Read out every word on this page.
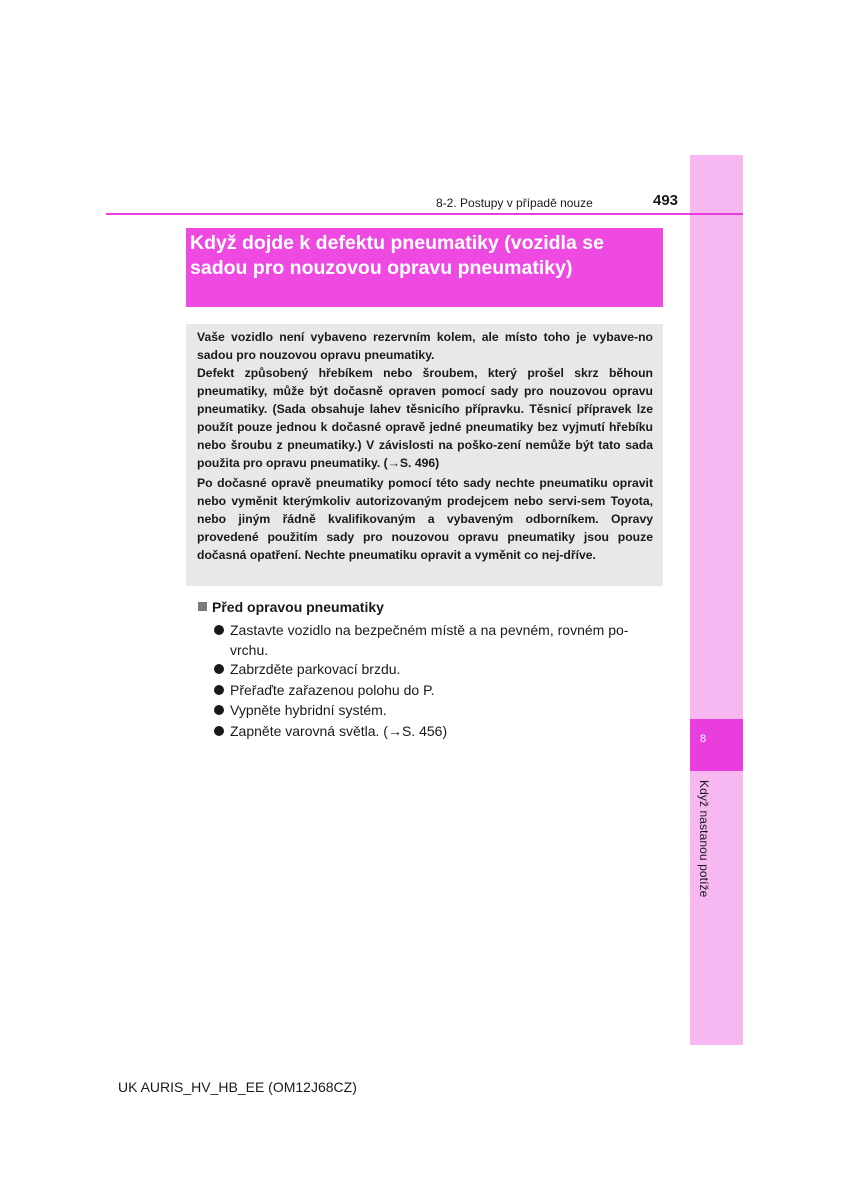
8
Když nastanou potíže
8-2. Postupy v případě nouze	493
Když dojde k defektu pneumatiky (vozidla se sadou pro nouzovou opravu pneumatiky)

Vaše vozidlo není vybaveno rezervním kolem, ale místo toho je vybave-no sadou pro nouzovou opravu pneumatiky.

Defekt způsobený hřebíkem nebo šroubem, který prošel skrz běhoun pneumatiky, může být dočasně opraven pomocí sady pro nouzovou opravu pneumatiky. (Sada obsahuje lahev těsnicího přípravku. Těsnicí přípravek lze použít pouze jednou k dočasné opravě jedné pneumatiky bez vyjmutí hřebíku nebo šroubu z pneumatiky.) V závislosti na poško-zení nemůže být tato sada použita pro opravu pneumatiky. (→S. 496)

Po dočasné opravě pneumatiky pomocí této sady nechte pneumatiku opravit nebo vyměnit kterýmkoliv autorizovaným prodejcem nebo servi-sem Toyota, nebo jiným řádně kvalifikovaným a vybaveným odborníkem. Opravy provedené použitím sady pro nouzovou opravu pneumatiky jsou pouze dočasná opatření. Nechte pneumatiku opravit a vyměnit co nej-dříve.

Před opravou pneumatiky
Zastavte vozidlo na bezpečném místě a na pevném, rovném po-vrchu.
Zabrzděte parkovací brzdu.
Přeřaďte zařazenou polohu do P.
Vypněte hybridní systém.
Zapněte varovná světla. (→S. 456)
UK AURIS_HV_HB_EE (OM12J68CZ)
